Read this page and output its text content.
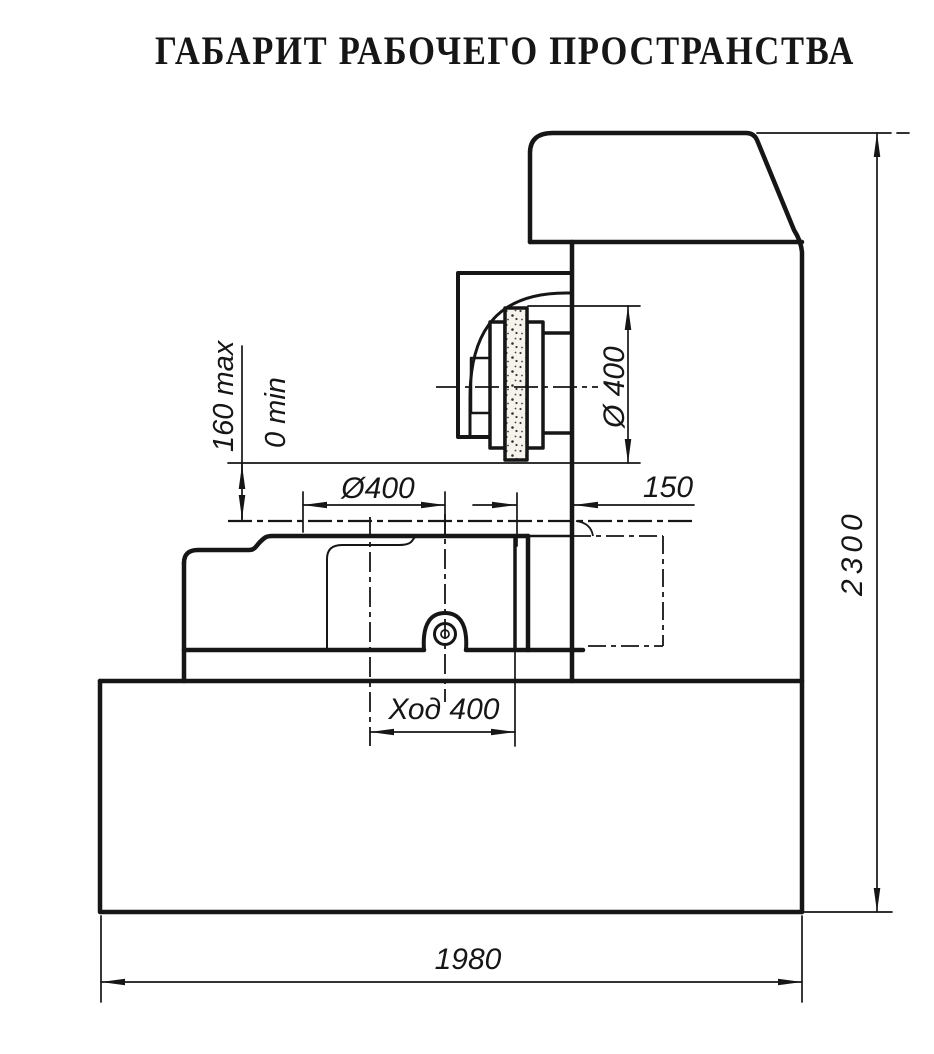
ГАБАРИТ РАБОЧЕГО ПРОСТРАНСТВА
160 max 0 min	Ø 400
Ø400	150
Ход 400
1980
2300
